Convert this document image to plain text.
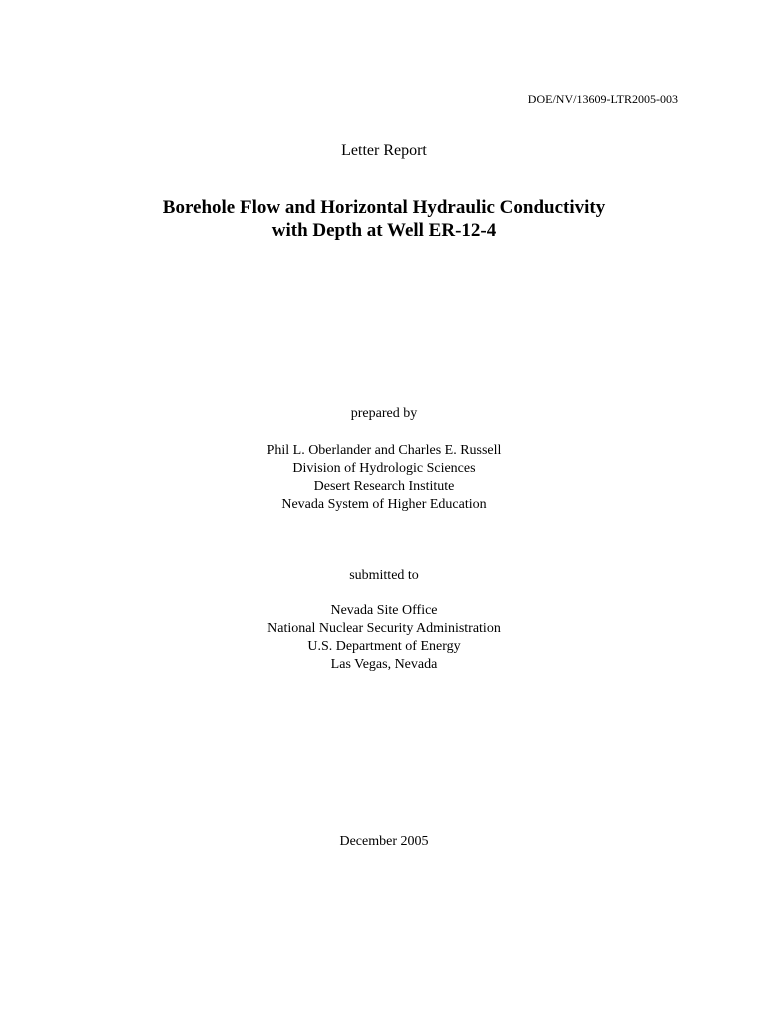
DOE/NV/13609-LTR2005-003
Letter Report
Borehole Flow and Horizontal Hydraulic Conductivity
with Depth at Well ER-12-4
prepared by
Phil L. Oberlander and Charles E. Russell
Division of Hydrologic Sciences
Desert Research Institute
Nevada System of Higher Education
submitted to
Nevada Site Office
National Nuclear Security Administration
U.S. Department of Energy
Las Vegas, Nevada
December 2005
